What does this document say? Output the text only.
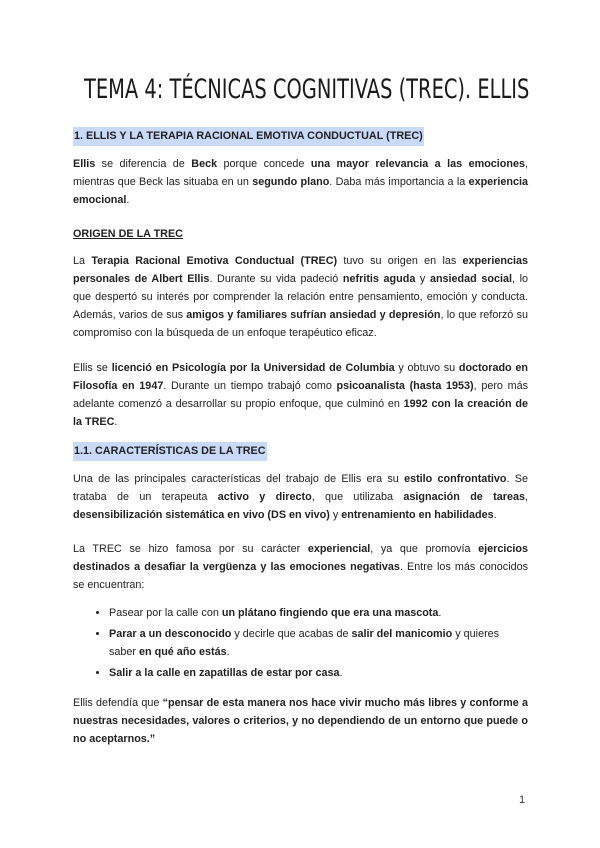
TEMA 4: TÉCNICAS COGNITIVAS (TREC). ELLIS
1. ELLIS Y LA TERAPIA RACIONAL EMOTIVA CONDUCTUAL (TREC)

Ellis se diferencia de Beck porque concede una mayor relevancia a las emociones, mientras que Beck las situaba en un segundo plano. Daba más importancia a la experiencia emocional.

ORIGEN DE LA TREC

La Terapia Racional Emotiva Conductual (TREC) tuvo su origen en las experiencias personales de Albert Ellis. Durante su vida padeció nefritis aguda y ansiedad social, lo que despertó su interés por comprender la relación entre pensamiento, emoción y conducta. Además, varios de sus amigos y familiares sufrían ansiedad y depresión, lo que reforzó su compromiso con la búsqueda de un enfoque terapéutico eficaz.

Ellis se licenció en Psicología por la Universidad de Columbia y obtuvo su doctorado en Filosofía en 1947. Durante un tiempo trabajó como psicoanalista (hasta 1953), pero más adelante comenzó a desarrollar su propio enfoque, que culminó en 1992 con la creación de la TREC.

1.1. CARACTERÍSTICAS DE LA TREC

Una de las principales características del trabajo de Ellis era su estilo confrontativo. Se trataba de un terapeuta activo y directo, que utilizaba asignación de tareas, desensibilización sistemática en vivo (DS en vivo) y entrenamiento en habilidades.

La TREC se hizo famosa por su carácter experiencial, ya que promovía ejercicios destinados a desafiar la vergüenza y las emociones negativas. Entre los más conocidos se encuentran:

• Pasear por la calle con un plátano fingiendo que era una mascota.
• Parar a un desconocido y decirle que acabas de salir del manicomio y quieres saber en qué año estás.
• Salir a la calle en zapatillas de estar por casa.

Ellis defendía que “pensar de esta manera nos hace vivir mucho más libres y conforme a nuestras necesidades, valores o criterios, y no dependiendo de un entorno que puede o no aceptarnos.”

1
